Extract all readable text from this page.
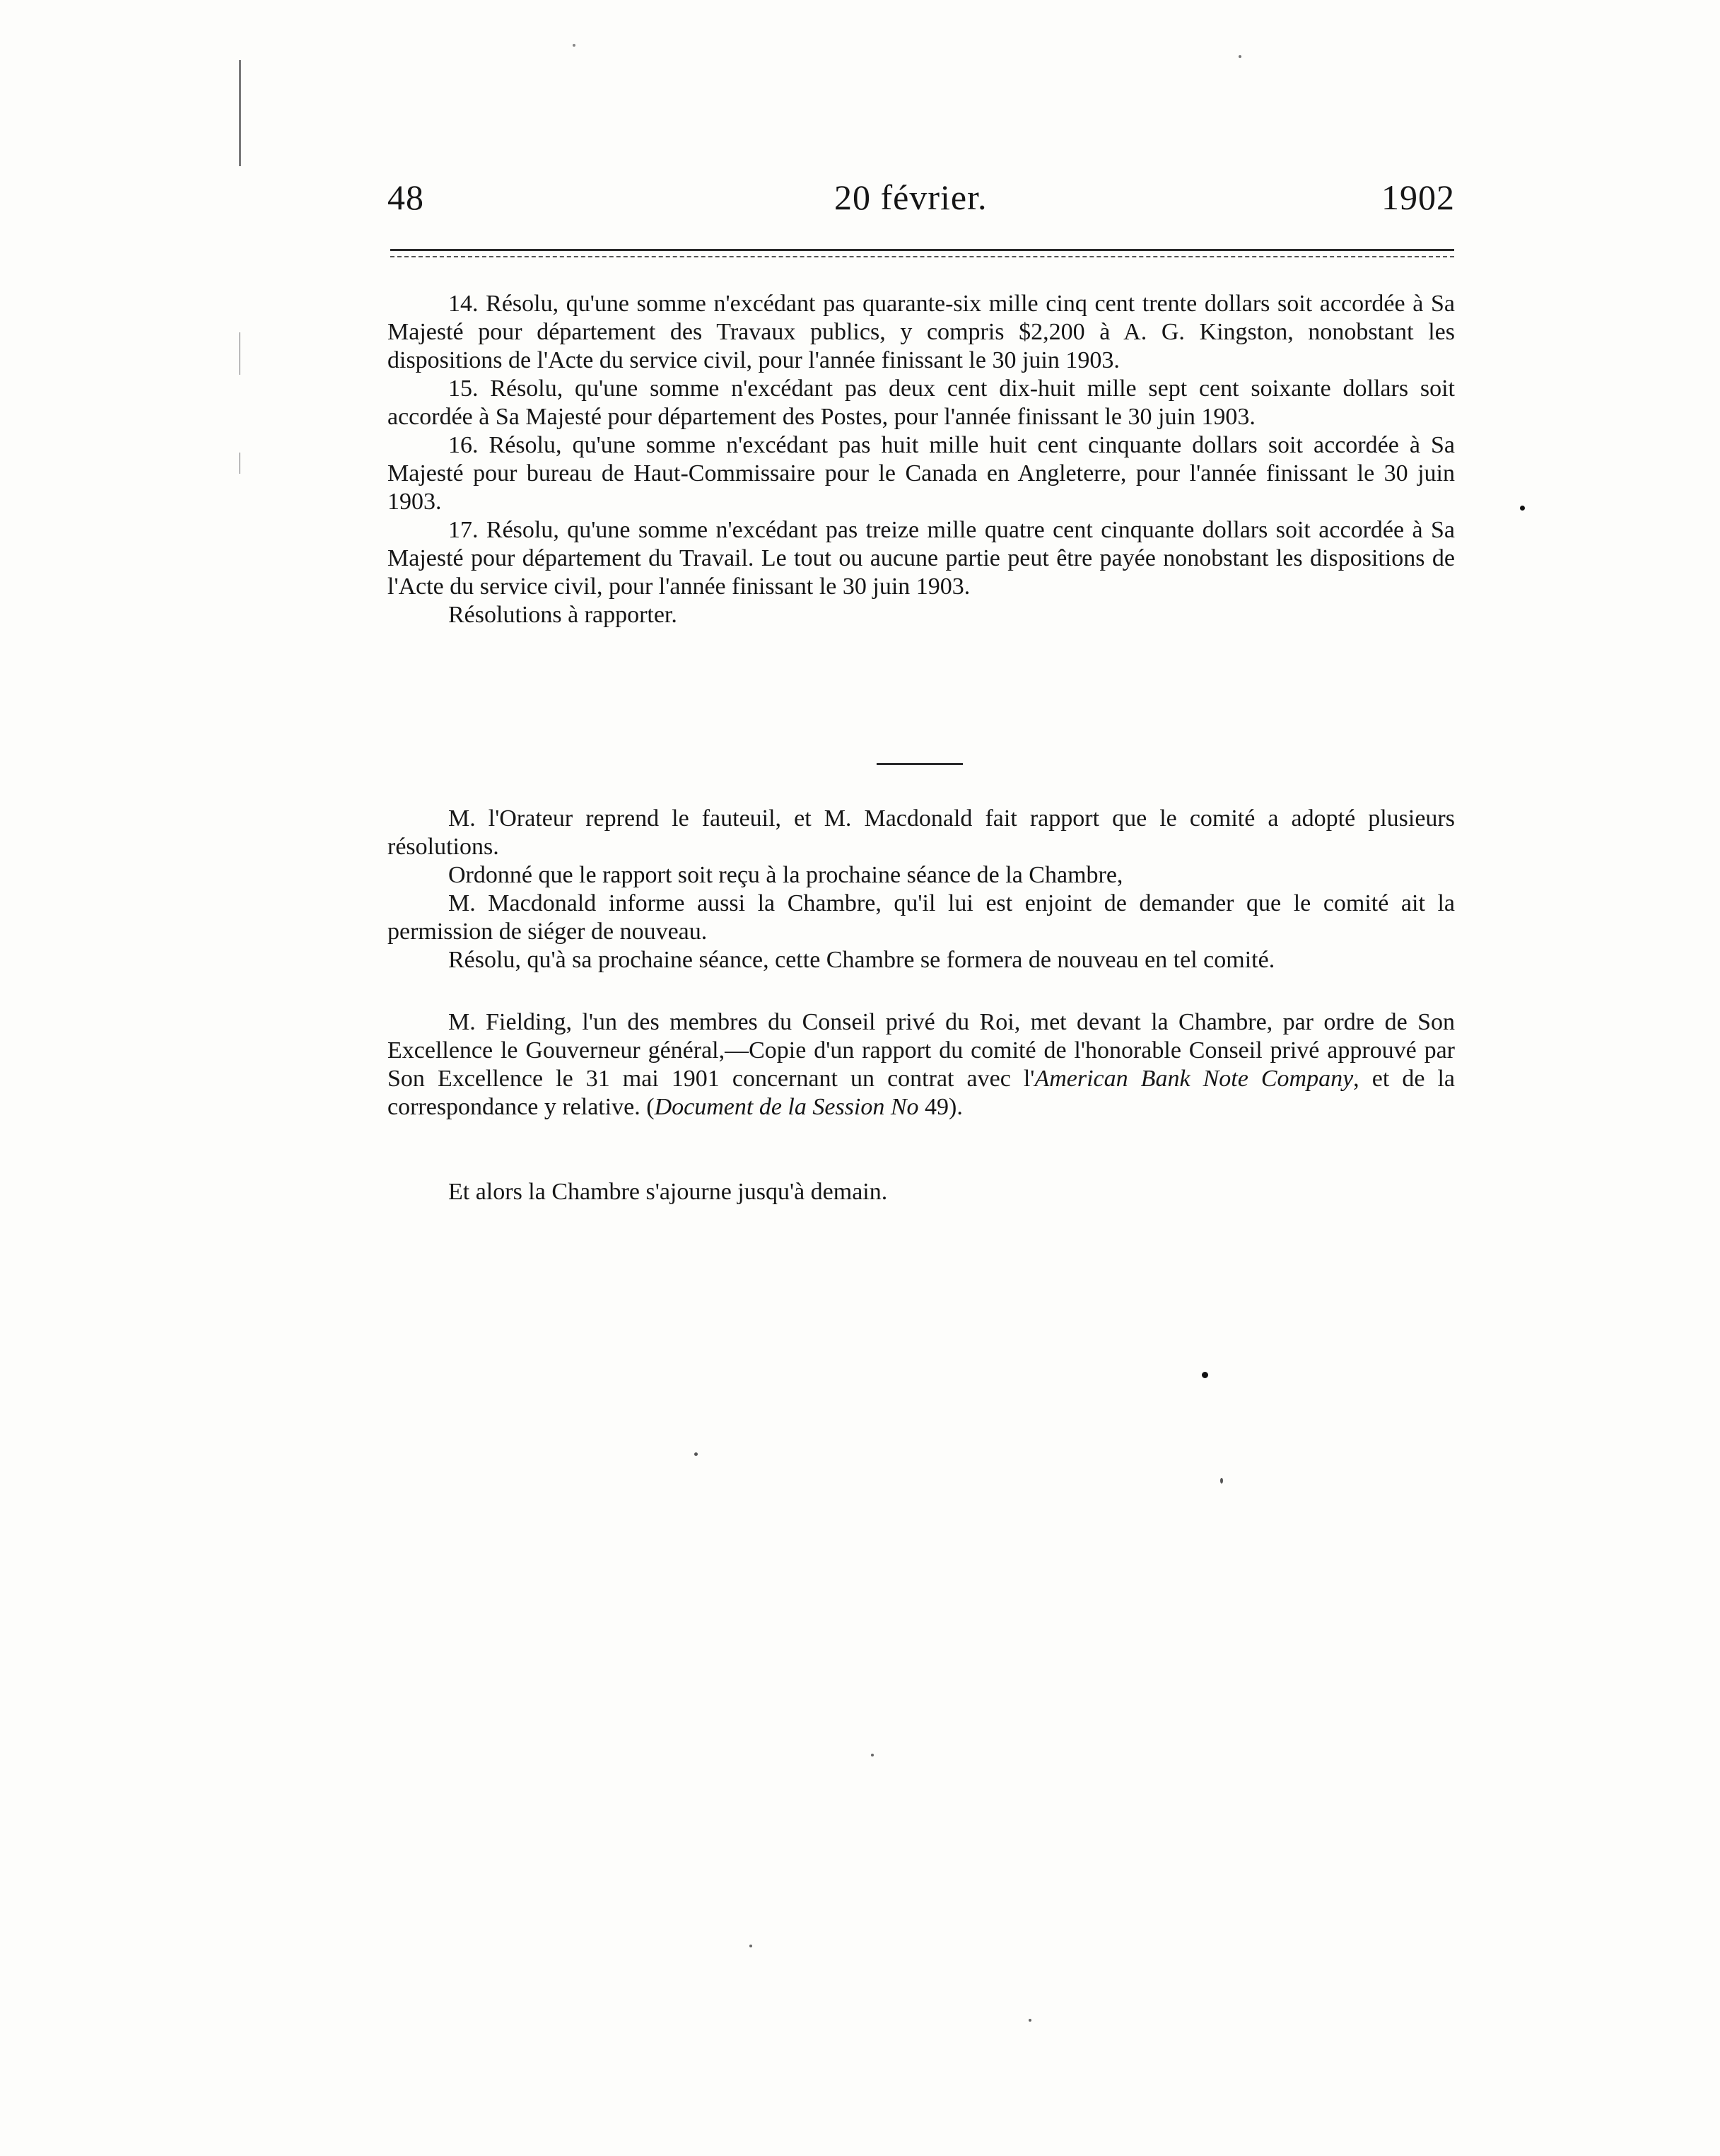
48	20 février.	1902

14. Résolu, qu'une somme n'excédant pas quarante-six mille cinq cent trente dollars soit accordée à Sa Majesté pour département des Travaux publics, y compris $2,200 à A. G. Kingston, nonobstant les dispositions de l'Acte du service civil, pour l'année finissant le 30 juin 1903.

15. Résolu, qu'une somme n'excédant pas deux cent dix-huit mille sept cent soixante dollars soit accordée à Sa Majesté pour département des Postes, pour l'année finissant le 30 juin 1903.

16. Résolu, qu'une somme n'excédant pas huit mille huit cent cinquante dollars soit accordée à Sa Majesté pour bureau de Haut-Commissaire pour le Canada en Angleterre, pour l'année finissant le 30 juin 1903.

17. Résolu, qu'une somme n'excédant pas treize mille quatre cent cinquante dollars soit accordée à Sa Majesté pour département du Travail. Le tout ou aucune partie peut être payée nonobstant les dispositions de l'Acte du service civil, pour l'année finissant le 30 juin 1903.

Résolutions à rapporter.

M. l'Orateur reprend le fauteuil, et M. Macdonald fait rapport que le comité a adopté plusieurs résolutions.

Ordonné que le rapport soit reçu à la prochaine séance de la Chambre,

M. Macdonald informe aussi la Chambre, qu'il lui est enjoint de demander que le comité ait la permission de siéger de nouveau.

Résolu, qu'à sa prochaine séance, cette Chambre se formera de nouveau en tel comité.

M. Fielding, l'un des membres du Conseil privé du Roi, met devant la Chambre, par ordre de Son Excellence le Gouverneur général,—Copie d'un rapport du comité de l'honorable Conseil privé approuvé par Son Excellence le 31 mai 1901 concernant un contrat avec l'American Bank Note Company, et de la correspondance y relative. (Document de la Session No 49).

Et alors la Chambre s'ajourne jusqu'à demain.
